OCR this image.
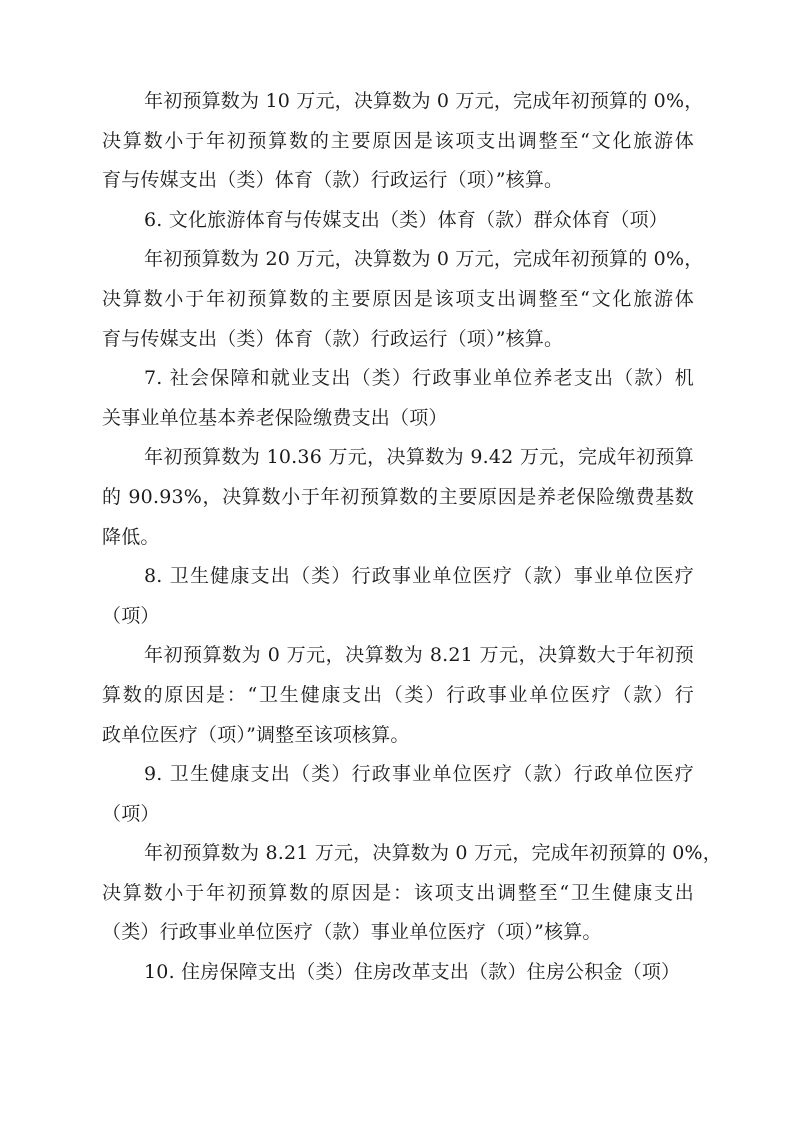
年初预算数为 10 万元，决算数为 0 万元，完成年初预算的 0%，
决算数小于年初预算数的主要原因是该项支出调整至“文化旅游体
育与传媒支出（类）体育（款）行政运行（项）”核算。
6. 文化旅游体育与传媒支出（类）体育（款）群众体育（项）
年初预算数为 20 万元，决算数为 0 万元，完成年初预算的 0%，
决算数小于年初预算数的主要原因是该项支出调整至“文化旅游体
育与传媒支出（类）体育（款）行政运行（项）”核算。
7. 社会保障和就业支出（类）行政事业单位养老支出（款）机
关事业单位基本养老保险缴费支出（项）
年初预算数为 10.36 万元，决算数为 9.42 万元，完成年初预算
的 90.93%，决算数小于年初预算数的主要原因是养老保险缴费基数
降低。
8. 卫生健康支出（类）行政事业单位医疗（款）事业单位医疗
（项）
年初预算数为 0 万元，决算数为 8.21 万元，决算数大于年初预
算数的原因是：“卫生健康支出（类）行政事业单位医疗（款）行
政单位医疗（项）”调整至该项核算。
9. 卫生健康支出（类）行政事业单位医疗（款）行政单位医疗
（项）
年初预算数为 8.21 万元，决算数为 0 万元，完成年初预算的 0%，
决算数小于年初预算数的原因是：该项支出调整至“卫生健康支出
（类）行政事业单位医疗（款）事业单位医疗（项）”核算。
10. 住房保障支出（类）住房改革支出（款）住房公积金（项）
